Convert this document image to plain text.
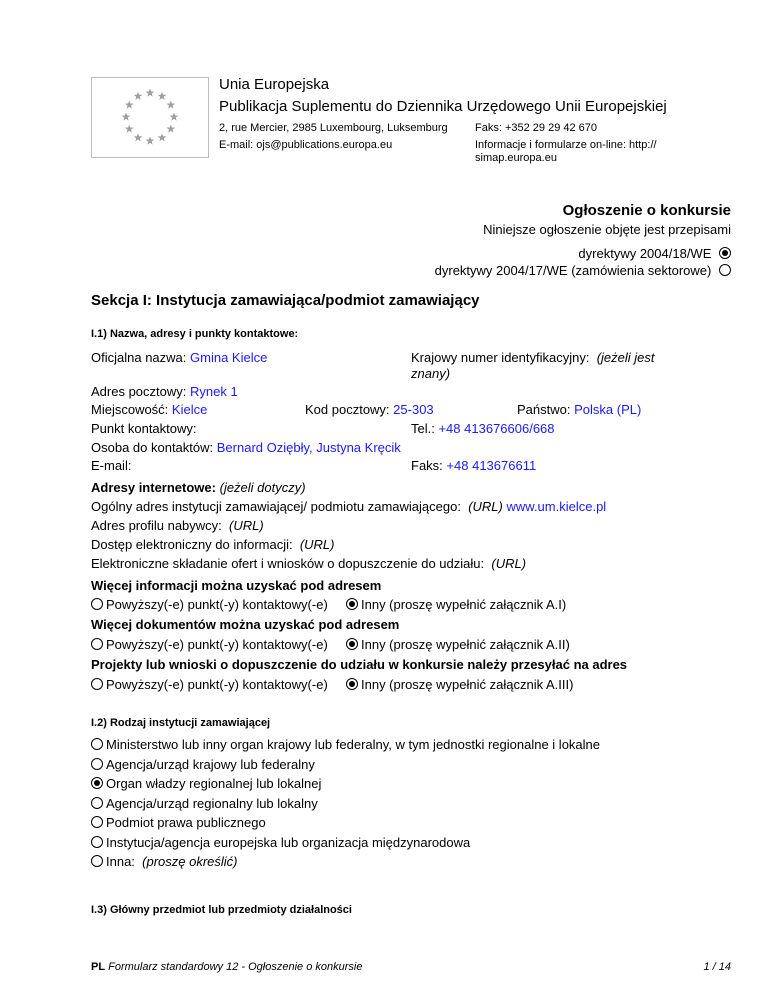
Unia Europejska
Publikacja Suplementu do Dziennika Urzędowego Unii Europejskiej
2, rue Mercier, 2985 Luxembourg, Luksemburg Faks: +352 29 29 42 670
E-mail: ojs@publications.europa.eu	Informacje i formularze on-line: http://
simap.europa.eu
Ogłoszenie o konkursie
Niniejsze ogłoszenie objęte jest przepisami
dyrektywy 2004/18/WE
dyrektywy 2004/17/WE (zamówienia sektorowe)
Sekcja I: Instytucja zamawiająca/podmiot zamawiający
I.1) Nazwa, adresy i punkty kontaktowe:
Oficjalna nazwa: Gmina Kielce	Krajowy numer identyfikacyjny: (jeżeli jest
znany)
Adres pocztowy: Rynek 1
Miejscowość: Kielce	Kod pocztowy: 25-303	Państwo: Polska (PL)
Punkt kontaktowy:	Tel.: +48 413676606/668
Osoba do kontaktów: Bernard Oziębły, Justyna Kręcik
E-mail:	Faks: +48 413676611
Adresy internetowe: (jeżeli dotyczy)
Ogólny adres instytucji zamawiającej/ podmiotu zamawiającego: (URL) www.um.kielce.pl
Adres profilu nabywcy: (URL)
Dostęp elektroniczny do informacji: (URL)
Elektroniczne składanie ofert i wniosków o dopuszczenie do udziału: (URL)
Więcej informacji można uzyskać pod adresem
Powyższy(-e) punkt(-y) kontaktowy(-e)	Inny (proszę wypełnić załącznik A.I)
Więcej dokumentów można uzyskać pod adresem
Powyższy(-e) punkt(-y) kontaktowy(-e)	Inny (proszę wypełnić załącznik A.II)
Projekty lub wnioski o dopuszczenie do udziału w konkursie należy przesyłać na adres
Powyższy(-e) punkt(-y) kontaktowy(-e)	Inny (proszę wypełnić załącznik A.III)
I.2) Rodzaj instytucji zamawiającej
Ministerstwo lub inny organ krajowy lub federalny, w tym jednostki regionalne i lokalne
Agencja/urząd krajowy lub federalny
Organ władzy regionalnej lub lokalnej
Agencja/urząd regionalny lub lokalny
Podmiot prawa publicznego
Instytucja/agencja europejska lub organizacja międzynarodowa
Inna:  (proszę określić)
I.3) Główny przedmiot lub przedmioty działalności
PL Formularz standardowy 12 - Ogłoszenie o konkursie	1 / 14
